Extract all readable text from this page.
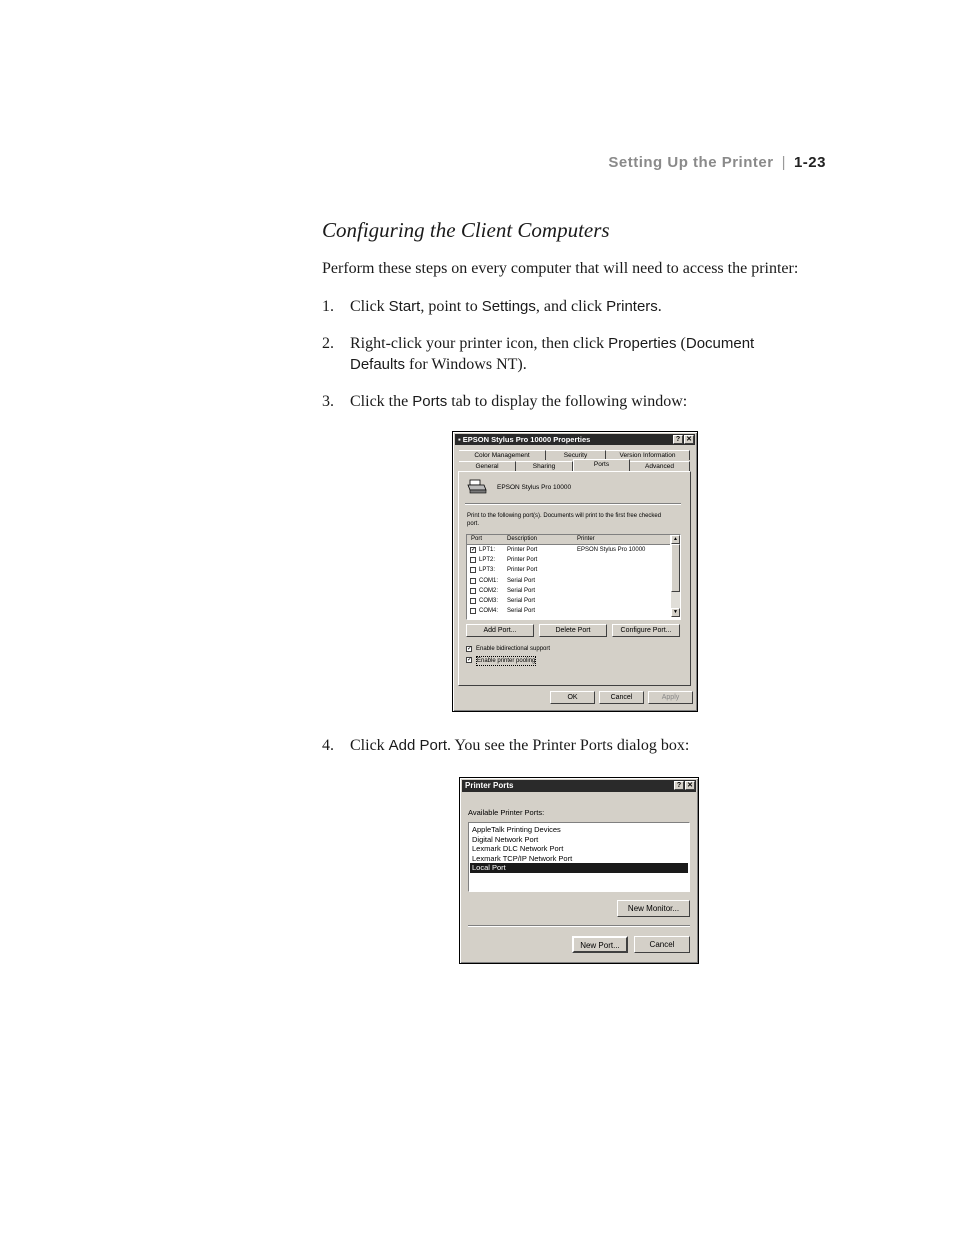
Setting Up the Printer | 1-23
Configuring the Client Computers
Perform these steps on every computer that will need to access the printer:
1. Click Start, point to Settings, and click Printers.
2. Right-click your printer icon, then click Properties (Document Defaults for Windows NT).
3. Click the Ports tab to display the following window:
▪ EPSON Stylus Pro 10000 Properties	? ✕
Color Management	Security	Version Information
General	Sharing	Ports	Advanced
EPSON Stylus Pro 10000
Print to the following port(s). Documents will print to the first free checked port.
Port	Description	Printer
✓ LPT1: Printer Port	EPSON Stylus Pro 10000
LPT2: Printer Port
LPT3: Printer Port
COM1: Serial Port
COM2: Serial Port
COM3: Serial Port
COM4: Serial Port
▲
▼
Add Port...	Delete Port	Configure Port...
✓ Enable bidirectional support
✓ Enable printer pooling
OK	Cancel	Apply
4. Click Add Port. You see the Printer Ports dialog box:
Printer Ports	? ✕
Available Printer Ports:
AppleTalk Printing Devices
Digital Network Port
Lexmark DLC Network Port
Lexmark TCP/IP Network Port
Local Port
New Monitor...
New Port...	Cancel
